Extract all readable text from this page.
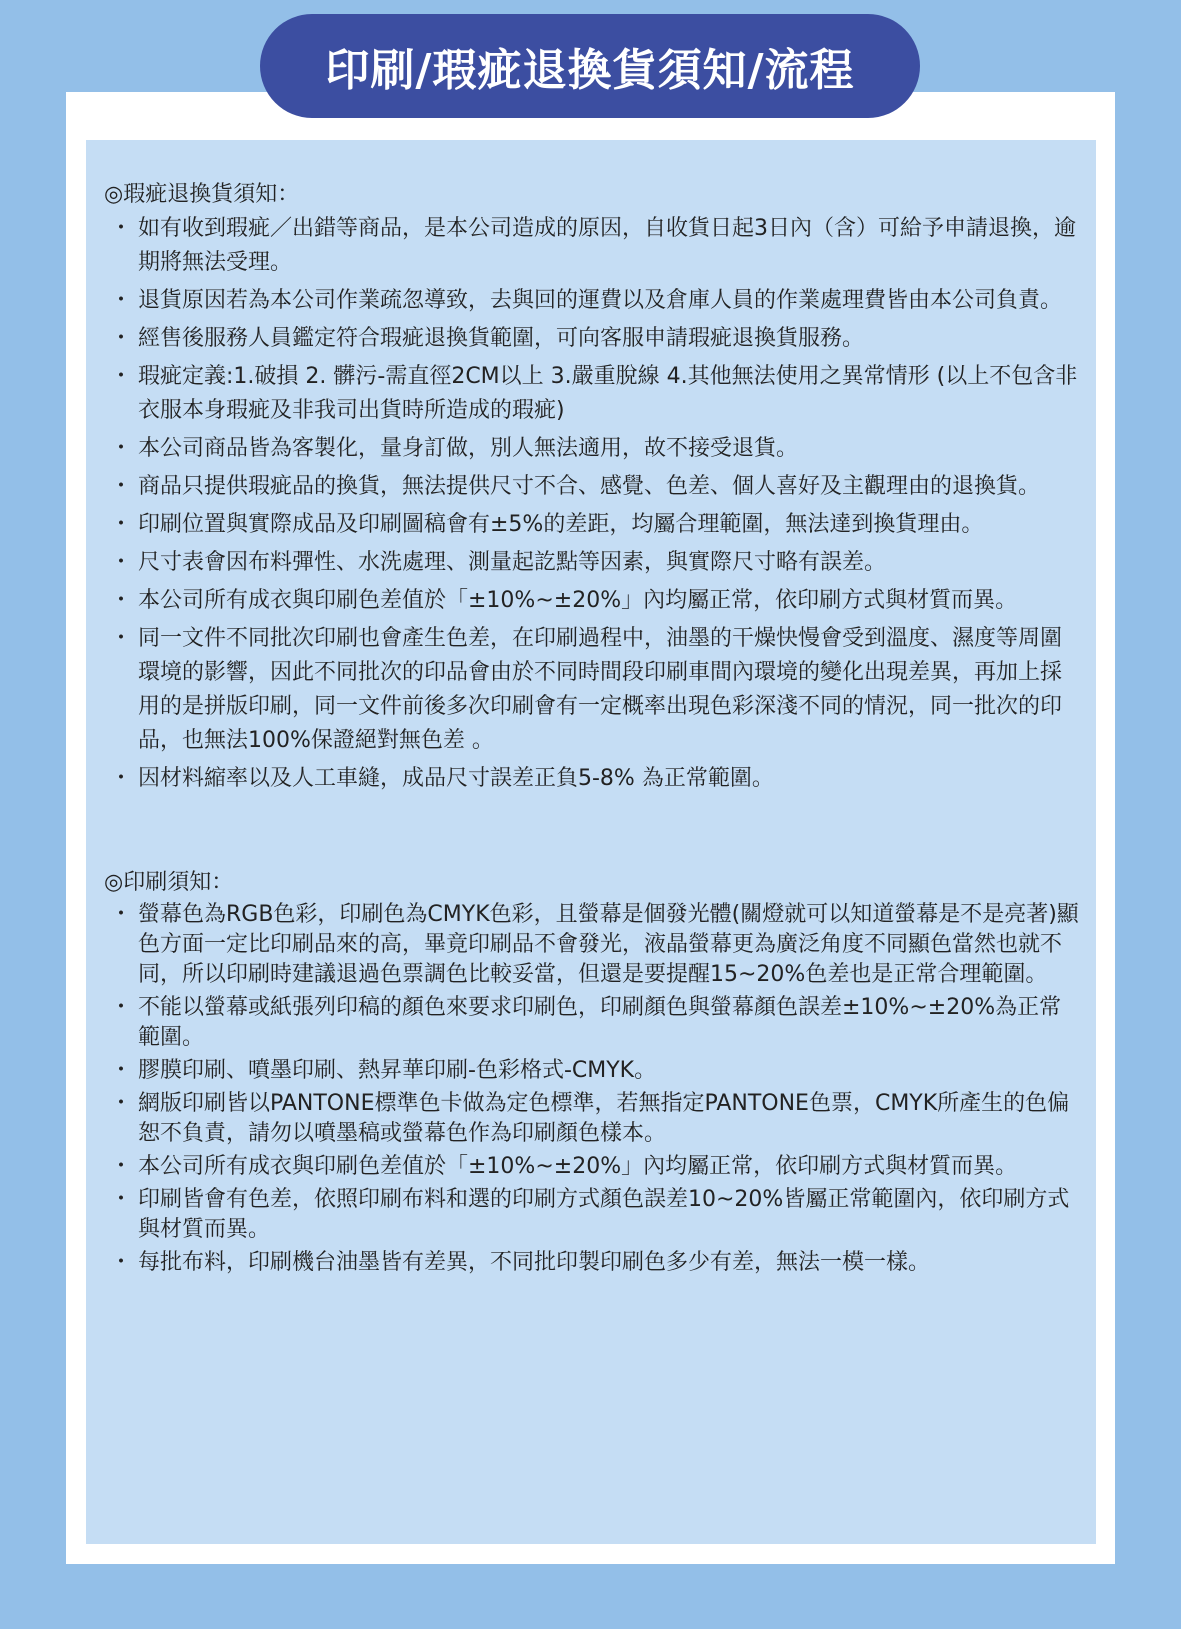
印刷/瑕疵退換貨須知/流程
◎瑕疵退換貨須知：
・ 如有收到瑕疵／出錯等商品，是本公司造成的原因，自收貨日起3日內（含）可給予申請退換，逾期將無法受理。
・ 退貨原因若為本公司作業疏忽導致，去與回的運費以及倉庫人員的作業處理費皆由本公司負責。
・ 經售後服務人員鑑定符合瑕疵退換貨範圍，可向客服申請瑕疵退換貨服務。
・ 瑕疵定義:1.破損 2. 髒污-需直徑2CM以上 3.嚴重脫線 4.其他無法使用之異常情形 (以上不包含非衣服本身瑕疵及非我司出貨時所造成的瑕疵)
・ 本公司商品皆為客製化，量身訂做，別人無法適用，故不接受退貨。
・ 商品只提供瑕疵品的換貨，無法提供尺寸不合、感覺、色差、個人喜好及主觀理由的退換貨。
・ 印刷位置與實際成品及印刷圖稿會有±5%的差距，均屬合理範圍，無法達到換貨理由。
・ 尺寸表會因布料彈性、水洗處理、測量起訖點等因素，與實際尺寸略有誤差。
・ 本公司所有成衣與印刷色差值於「±10%~±20%」內均屬正常，依印刷方式與材質而異。
・ 同一文件不同批次印刷也會產生色差，在印刷過程中，油墨的干燥快慢會受到溫度、濕度等周圍環境的影響，因此不同批次的印品會由於不同時間段印刷車間內環境的變化出現差異，再加上採用的是拼版印刷，同一文件前後多次印刷會有一定概率出現色彩深淺不同的情況，同一批次的印品，也無法100%保證絕對無色差 。
・ 因材料縮率以及人工車縫，成品尺寸誤差正負5-8% 為正常範圍。
◎印刷須知：
・ 螢幕色為RGB色彩，印刷色為CMYK色彩，且螢幕是個發光體(關燈就可以知道螢幕是不是亮著)顯色方面一定比印刷品來的高，畢竟印刷品不會發光，液晶螢幕更為廣泛角度不同顯色當然也就不同，所以印刷時建議退過色票調色比較妥當，但還是要提醒15~20%色差也是正常合理範圍。
・ 不能以螢幕或紙張列印稿的顏色來要求印刷色，印刷顏色與螢幕顏色誤差±10%~±20%為正常範圍。
・ 膠膜印刷、噴墨印刷、熱昇華印刷-色彩格式-CMYK。
・ 網版印刷皆以PANTONE標準色卡做為定色標準，若無指定PANTONE色票，CMYK所產生的色偏恕不負責，請勿以噴墨稿或螢幕色作為印刷顏色樣本。
・ 本公司所有成衣與印刷色差值於「±10%~±20%」內均屬正常，依印刷方式與材質而異。
・ 印刷皆會有色差，依照印刷布料和選的印刷方式顏色誤差10~20%皆屬正常範圍內，依印刷方式與材質而異。
・ 每批布料，印刷機台油墨皆有差異，不同批印製印刷色多少有差，無法一模一樣。
